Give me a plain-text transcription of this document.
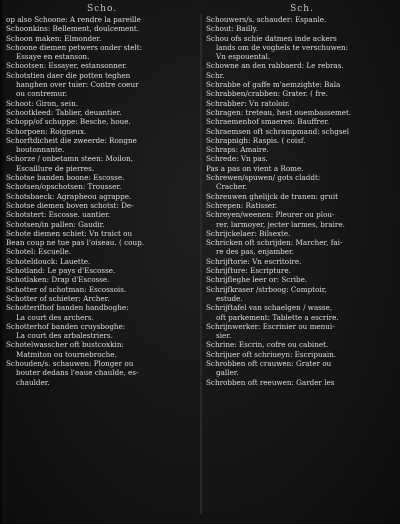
Scho.
op also Schoone: A rendre la pareille
Schoonkins: Bellement, doulcement.
Schoon maken: Elmonder.
Schoone diemen petwers onder stelt:
Essaye en estanson.
Schootsen: Essayer, estansonner.
Schotstien daer die potten teghen
hanghen over tuier: Contre coeur
ou contremur.
Schoot: Giron, sein.
Schootkleed: Tablier, deuantier.
Schopp/of schuppe: Besche, houe.
Schorpoen: Roigneux.
Schorftdicheit die zweerde: Rongne
boutonnante.
Schorze / onbetamn steen: Moilon,
Escaillure de pierres.
Schotse banden boone: Escosse.
Schotsen/opschotsen: Trousser.
Schotsbaeck: Agrapheou agrappe.
Schotse diemen boven schotst: De-
Schotstert: Escosse. uantier.
Schotsen/in pallen: Gaudir.
Schote diemen schiet: Vn traict ou
Bean coup ne tue pas l'oiseau. ( coup.
Schotel: Escuelle.
Schoteldouck: Lauette.
Schotland: Le pays d'Escosse.
Schotlaken: Drap d'Escosse.
Schotter of schotman: Escossois.
Schotter of schieter: Archer.
Schotterifhof banden handboghe:
La court des archers.
Schotterhof banden cruysboghe:
La court des arbalestriers.
Schotelwasscher oft bustcoxkin:
Matmiton ou tournebroche.
Schouden/s. schauwen: Plonger ou
bouter dedans l'eaue chaulde, es-
chaulder.
Sch.
Schouwers/s. schauder: Espanle.
Schout: Bailly.
Schou ofs schie datmen inde ackers
lands om de voghels te verschuwen:
Vn espouental.
Schowne an den rabbaerd: Le rebras.
Schr.
Schrabbe of gaffe m'aemzighte: Bala
Schrabben/crabben: Grater. ( fre.
Schrabber: Vn ratoloir.
Schragen: treteau, hest ouembassemet.
Schraemenhof smaeren: Bauffrer.
Schraemsen oft schrampmand: schgsel
Schrapnigh: Raspis. ( coisf.
Schraps: Amaire.
Schrede: Vn pas.
Pas a pas on vient a Rome.
Schrewen/spuwen/ gots claddt:
Cracher.
Schreuwen ghelijck de tranen: gruit
Schrepen: Ratisser.
Schreyen/weenen: Pleurer ou plou-
rer, larmoyer, jecter larmes, braire.
Schrijckelaer: Bilsexte.
Schricken oft schrijden: Marcher, fai-
re des pas, enjamber.
Schrijftorie: Vn escritoire.
Schrijfture: Escripture.
Schrijfleghe leer or: Scribe.
Schrijfkraser /strboog: Comptoir,
estude.
Schrijftafel van schaelgen / wasse,
oft parkement: Tablette a escrire.
Schrijnwerker: Escrinier ou menui-
sier.
Schrine: Escrin, cofre ou cabinet.
Schrijuer oft schriueyn: Escripuain.
Schrobben oft crauwen: Grater ou
galler.
Schrobben oft reeuwen: Garder les
